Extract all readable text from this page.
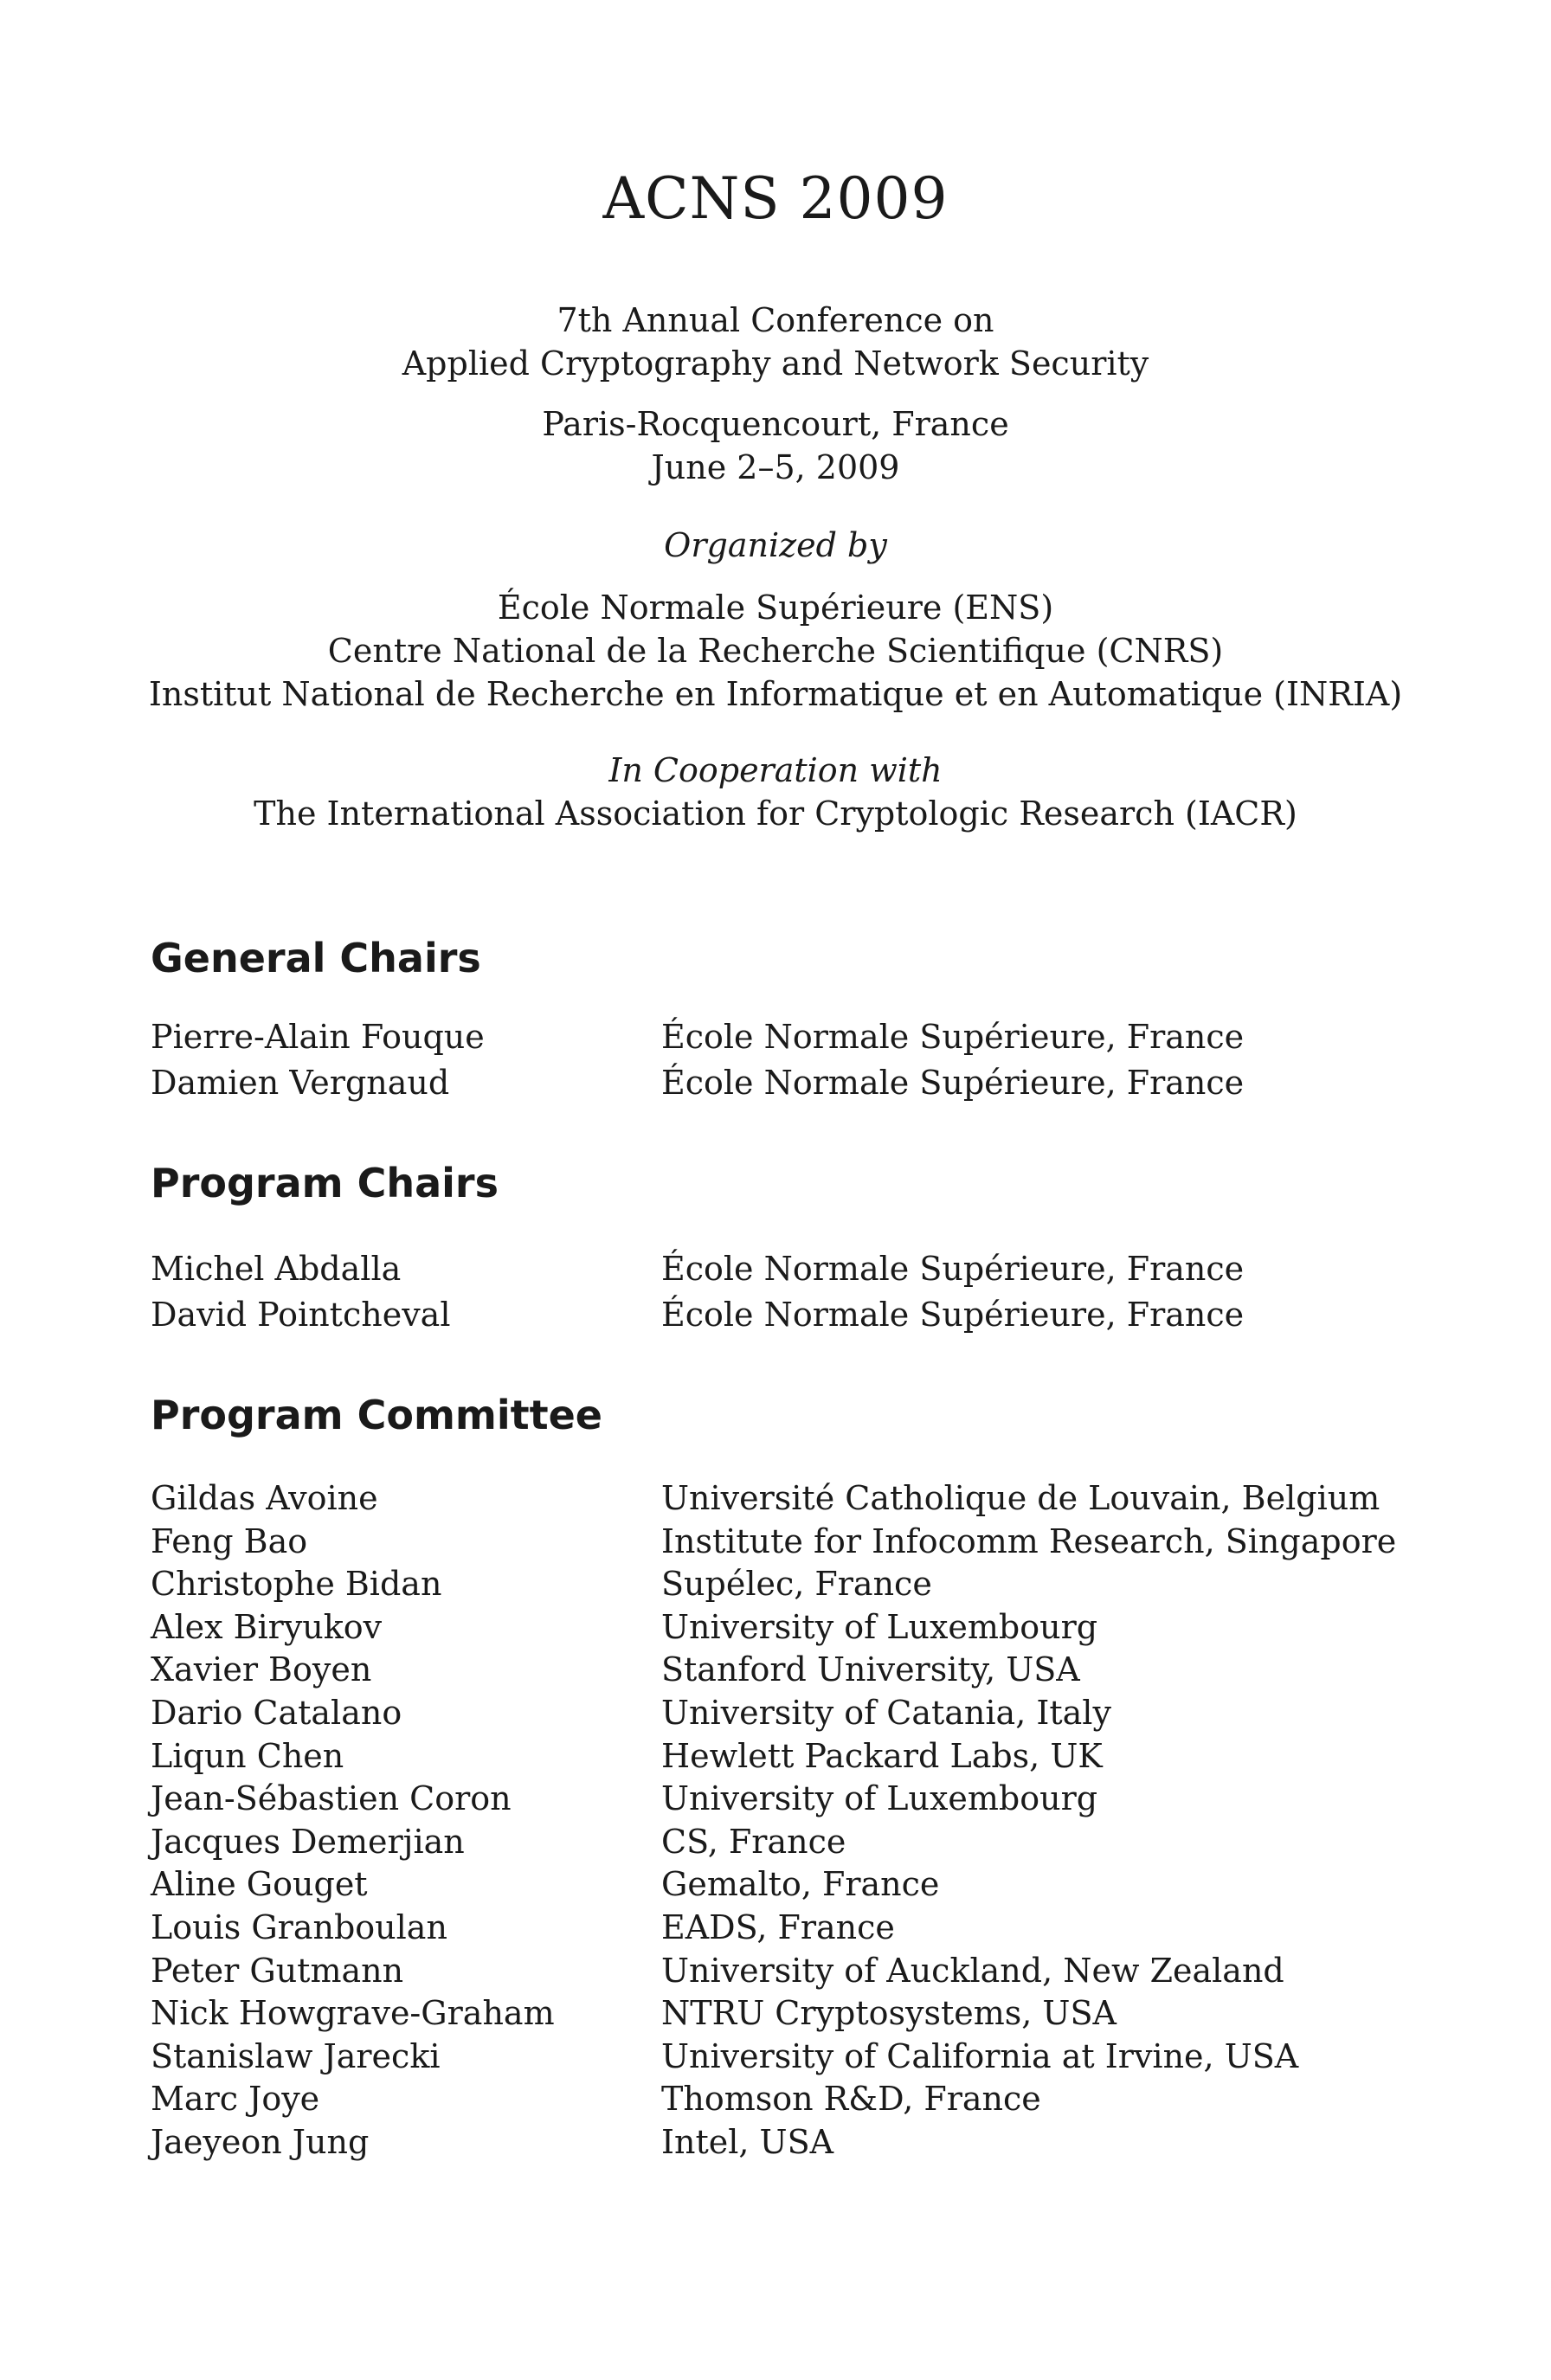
ACNS 2009
7th Annual Conference on
Applied Cryptography and Network Security
Paris-Rocquencourt, France
June 2–5, 2009
Organized by
École Normale Supérieure (ENS)
Centre National de la Recherche Scientifique (CNRS)
Institut National de Recherche en Informatique et en Automatique (INRIA)
In Cooperation with
The International Association for Cryptologic Research (IACR)
General Chairs
Pierre-Alain Fouque	École Normale Supérieure, France
Damien Vergnaud	École Normale Supérieure, France
Program Chairs
Michel Abdalla	École Normale Supérieure, France
David Pointcheval	École Normale Supérieure, France
Program Committee
Gildas Avoine	Université Catholique de Louvain, Belgium
Feng Bao	Institute for Infocomm Research, Singapore
Christophe Bidan	Supélec, France
Alex Biryukov	University of Luxembourg
Xavier Boyen	Stanford University, USA
Dario Catalano	University of Catania, Italy
Liqun Chen	Hewlett Packard Labs, UK
Jean-Sébastien Coron	University of Luxembourg
Jacques Demerjian	CS, France
Aline Gouget	Gemalto, France
Louis Granboulan	EADS, France
Peter Gutmann	University of Auckland, New Zealand
Nick Howgrave-Graham	NTRU Cryptosystems, USA
Stanislaw Jarecki	University of California at Irvine, USA
Marc Joye	Thomson R&D, France
Jaeyeon Jung	Intel, USA
